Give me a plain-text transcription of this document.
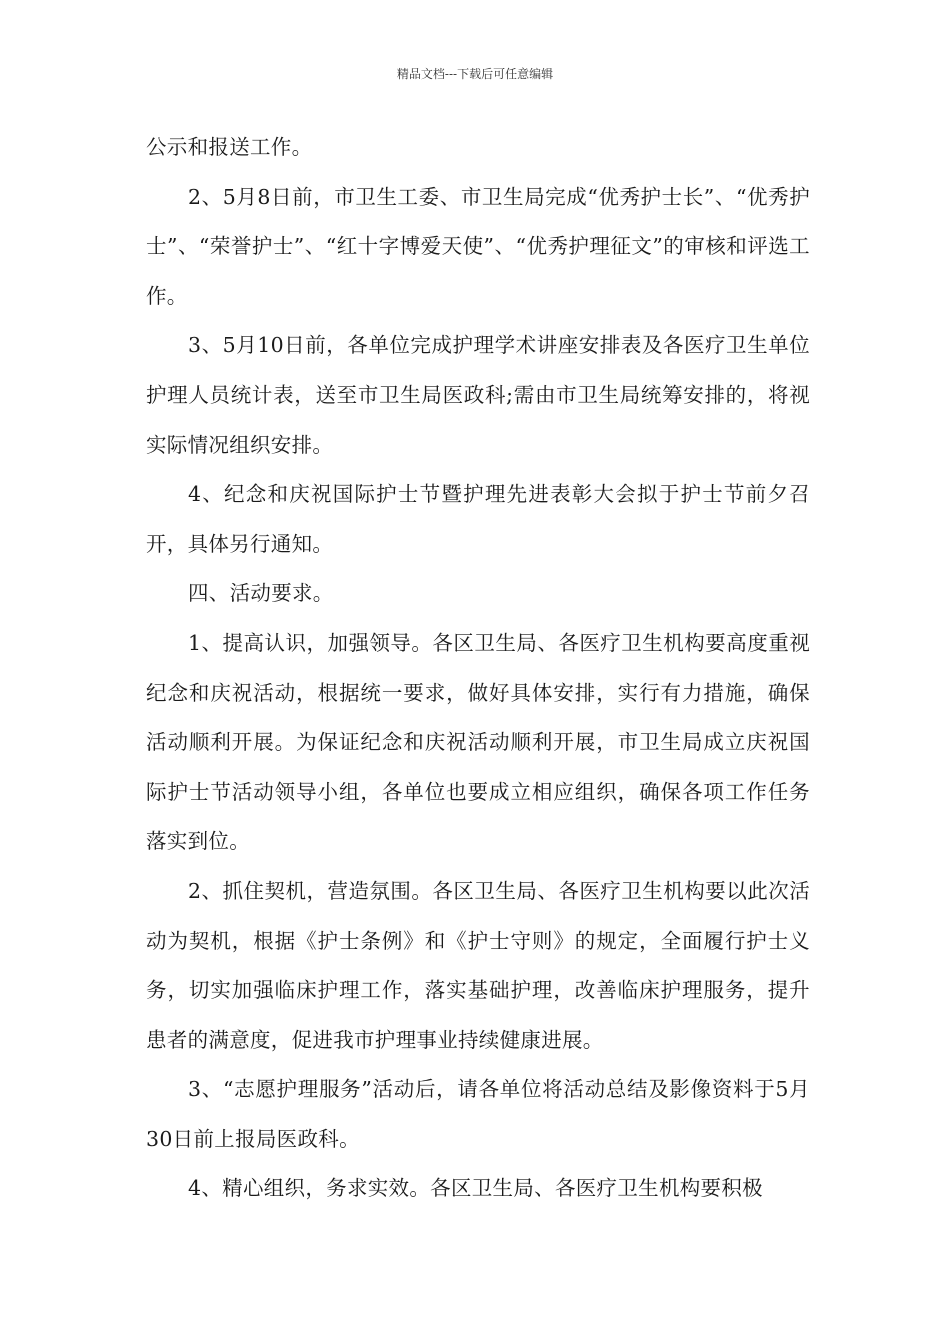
精品文档---下载后可任意编辑

公示和报送工作。

2、5月8日前，市卫生工委、市卫生局完成“优秀护士长”、“优秀护士”、“荣誉护士”、“红十字博爱天使”、“优秀护理征文”的审核和评选工作。

3、5月10日前，各单位完成护理学术讲座安排表及各医疗卫生单位护理人员统计表，送至市卫生局医政科;需由市卫生局统筹安排的，将视实际情况组织安排。

4、纪念和庆祝国际护士节暨护理先进表彰大会拟于护士节前夕召开，具体另行通知。

四、活动要求。

1、提高认识，加强领导。各区卫生局、各医疗卫生机构要高度重视纪念和庆祝活动，根据统一要求，做好具体安排，实行有力措施，确保活动顺利开展。为保证纪念和庆祝活动顺利开展，市卫生局成立庆祝国际护士节活动领导小组，各单位也要成立相应组织，确保各项工作任务落实到位。

2、抓住契机，营造氛围。各区卫生局、各医疗卫生机构要以此次活动为契机，根据《护士条例》和《护士守则》的规定，全面履行护士义务，切实加强临床护理工作，落实基础护理，改善临床护理服务，提升患者的满意度，促进我市护理事业持续健康进展。

3、“志愿护理服务”活动后，请各单位将活动总结及影像资料于5月30日前上报局医政科。

4、精心组织，务求实效。各区卫生局、各医疗卫生机构要积极
